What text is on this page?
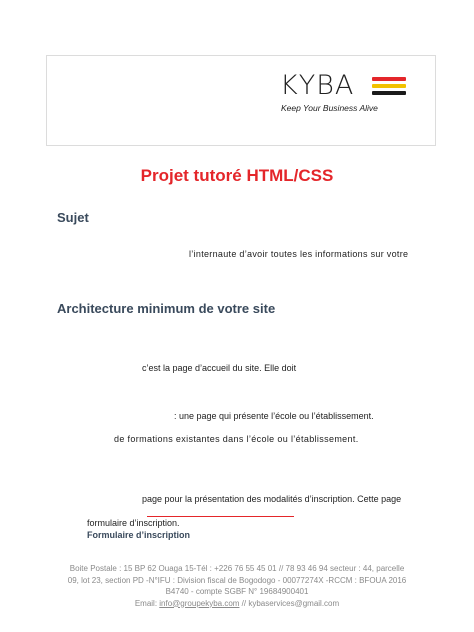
KYBA
Keep Your Business Alive
Projet tutoré HTML/CSS
Sujet
l’internaute d’avoir toutes les informations sur votre
Architecture minimum de votre site
c’est la page d’accueil du site. Elle doit
: une page qui présente l’école ou l’établissement.
de formations existantes dans l’école ou l’établissement.
page pour la présentation des modalités d’inscription. Cette page
formulaire d’inscription.
Formulaire d’inscription
Boite Postale : 15 BP 62 Ouaga 15-Tél : +226 76 55 45 01 // 78 93 46 94 secteur : 44, parcelle
09, lot 23, section PD -N°IFU : Division fiscal de Bogodogo - 00077274X -RCCM : BFOUA 2016
B4740 - compte SGBF N° 19684900401
Email: info@groupekyba.com // kybaservices@gmail.com
